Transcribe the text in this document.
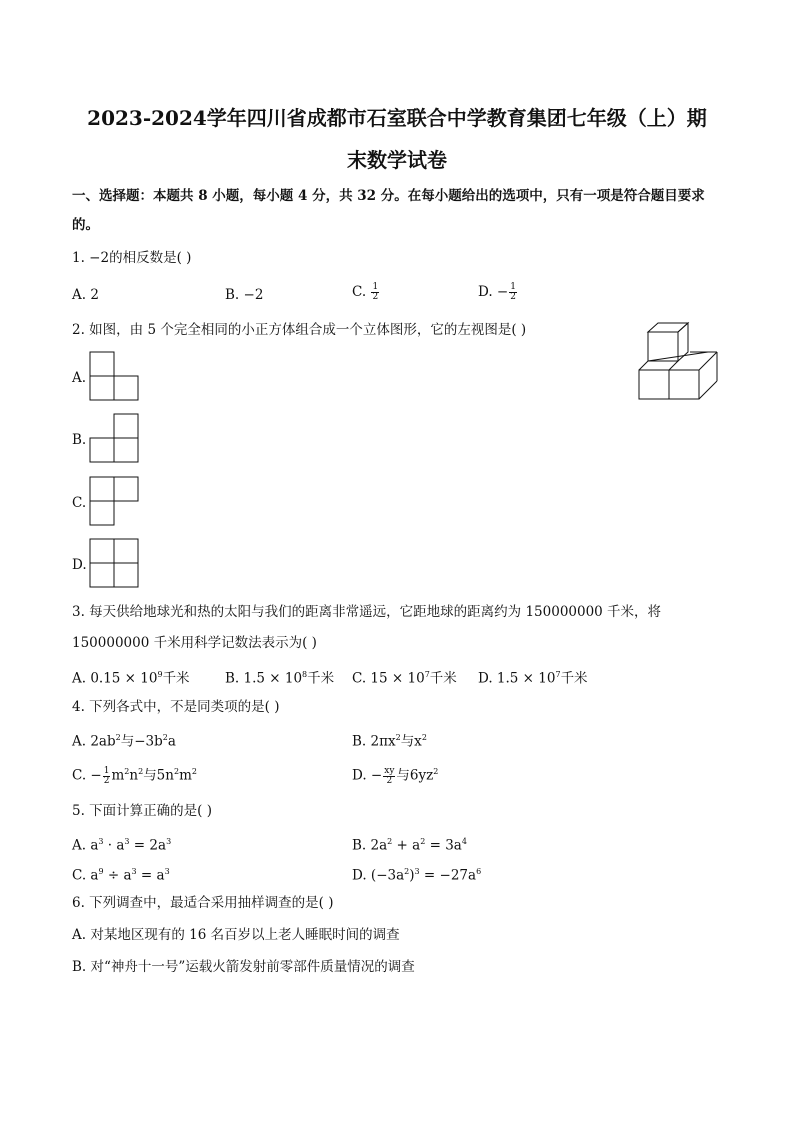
2023-2024学年四川省成都市石室联合中学教育集团七年级（上）期
末数学试卷
一、选择题：本题共 8 小题，每小题 4 分，共 32 分。在每小题给出的选项中，只有一项是符合题目要求
的。
1. −2的相反数是( )
A. 2	B. −2	C. $\frac{1}{2}$	D. − $\frac{1}{2}$
2. 如图，由 5 个完全相同的小正方体组合成一个立体图形，它的左视图是( )
A.
B.
C.
D.
3. 每天供给地球光和热的太阳与我们的距离非常遥远，它距地球的距离约为 150000000 千米，将
150000000 千米用科学记数法表示为( )
A. $0.15 \times 10^9$千米	B. $1.5 \times 10^8$千米 C. $15 \times 10^7$千米 D. $1.5 \times 10^7$千米
4. 下列各式中，不是同类项的是( )
A. $2ab^2$与$-3b^2a$	B. $2\pi x^2$与$x^2$
C. − $\frac{1}{2} m^2n^2$与$5n^2m^2$	D. − $\frac{xy}{2}$ 与$6yz^2$
5. 下面计算正确的是( )
A. $a^3 \cdot a^3 = 2a^3$	B. $2a^2 + a^2 = 3a^4$
C. $a^9 \div a^3 = a^3$	D. $(-3a^2)^3 = -27a^6$
6. 下列调查中，最适合采用抽样调查的是( )
A. 对某地区现有的 16 名百岁以上老人睡眠时间的调查
B. 对“神舟十一号”运载火箭发射前零部件质量情况的调查
